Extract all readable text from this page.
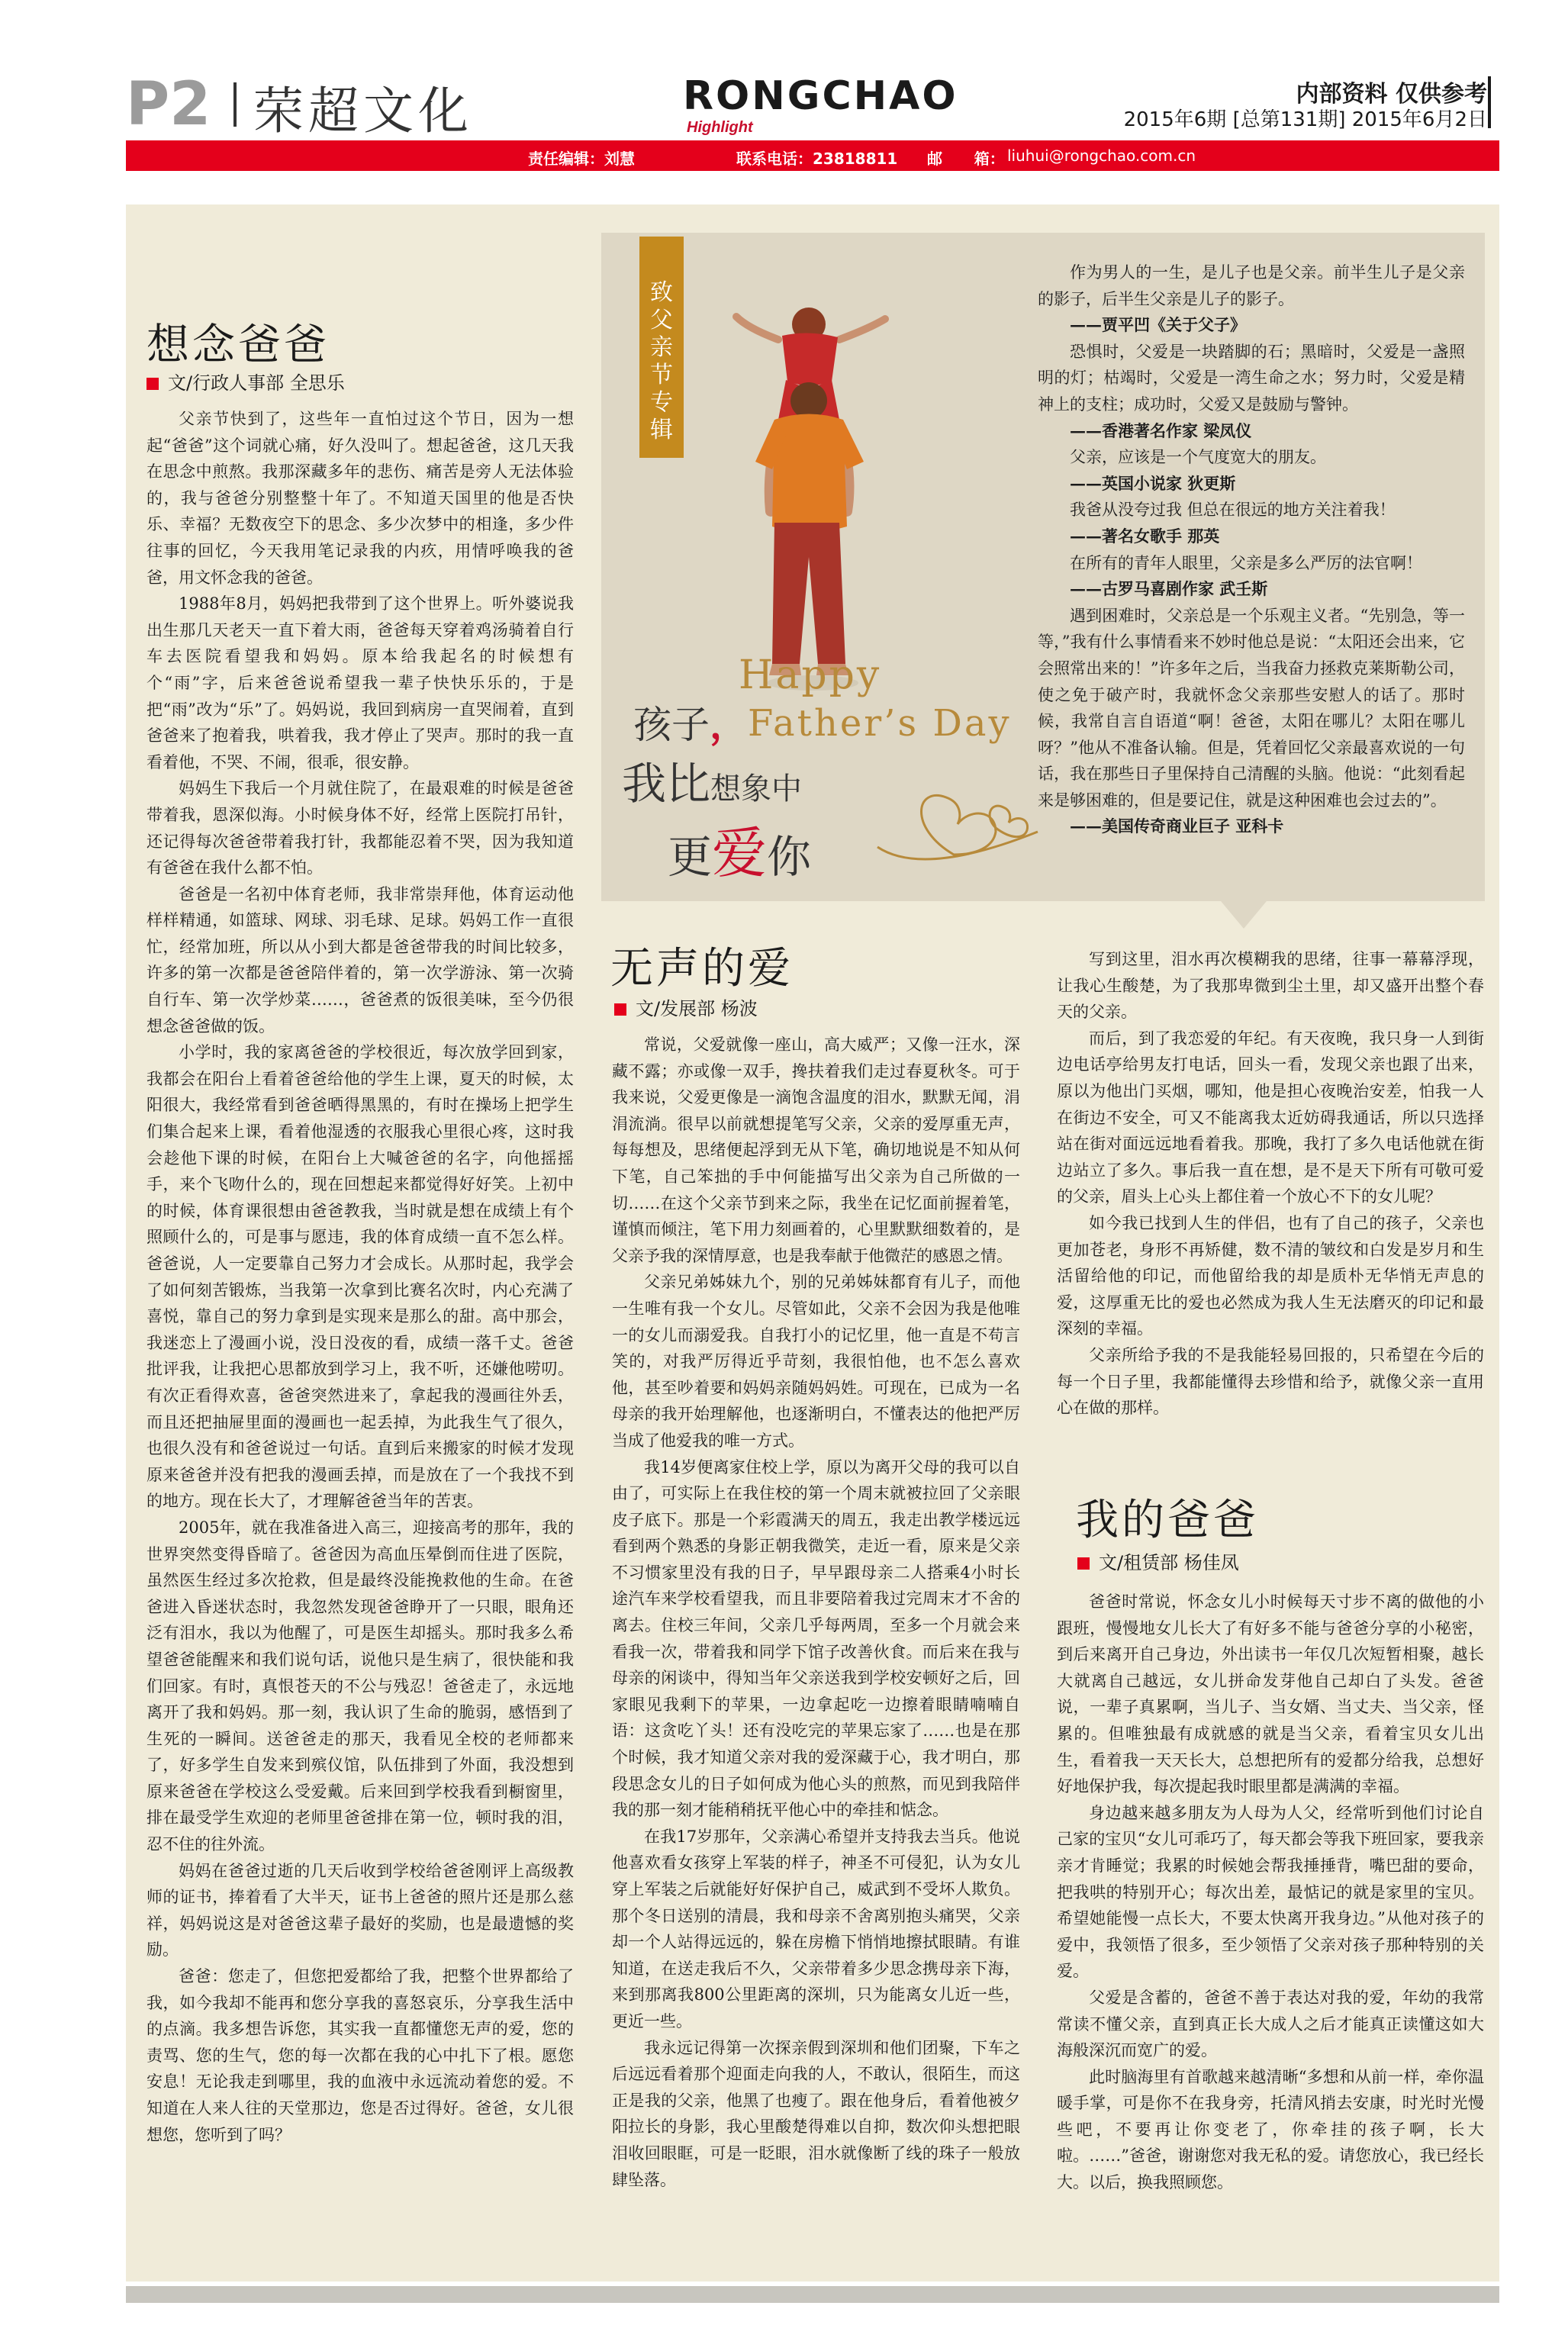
P2 荣超文化	RONGCHAO
Highlight
内部资料 仅供参考
2015年6期 [总第131期] 2015年6月2日
责任编辑：刘慧	联系电话：23818811 邮      箱： liuhui@rongchao.com.cn
致父亲节专辑
Happy
Father’s Day
孩子，
我比想象中
更爱你

作为男人的一生，是儿子也是父亲。前半生儿子是父亲的影子，后半生父亲是儿子的影子。

——贾平凹《关于父子》

恐惧时，父爱是一块踏脚的石；黑暗时，父爱是一盏照明的灯；枯竭时，父爱是一湾生命之水；努力时，父爱是精神上的支柱；成功时，父爱又是鼓励与警钟。

——香港著名作家 梁凤仪

父亲，应该是一个气度宽大的朋友。

——英国小说家 狄更斯

我爸从没夸过我 但总在很远的地方关注着我！

——著名女歌手 那英

在所有的青年人眼里，父亲是多么严厉的法官啊！

——古罗马喜剧作家 武壬斯

遇到困难时，父亲总是一个乐观主义者。“先别急，等一等，”我有什么事情看来不妙时他总是说：“太阳还会出来，它会照常出来的！”许多年之后，当我奋力拯救克莱斯勒公司，使之免于破产时，我就怀念父亲那些安慰人的话了。那时候，我常自言自语道“啊！爸爸，太阳在哪儿？太阳在哪儿呀？”他从不准备认输。但是，凭着回忆父亲最喜欢说的一句话，我在那些日子里保持自己清醒的头脑。他说：“此刻看起来是够困难的，但是要记住，就是这种困难也会过去的”。

——美国传奇商业巨子 亚科卡

想念爸爸
文/行政人事部 全思乐

父亲节快到了，这些年一直怕过这个节日，因为一想起“爸爸”这个词就心痛，好久没叫了。想起爸爸，这几天我在思念中煎熬。我那深藏多年的悲伤、痛苦是旁人无法体验的，我与爸爸分别整整十年了。不知道天国里的他是否快乐、幸福？无数夜空下的思念、多少次梦中的相逢，多少件往事的回忆，今天我用笔记录我的内疚，用情呼唤我的爸爸，用文怀念我的爸爸。

1988年8月，妈妈把我带到了这个世界上。听外婆说我出生那几天老天一直下着大雨，爸爸每天穿着鸡汤骑着自行车去医院看望我和妈妈。原本给我起名的时候想有个“雨”字，后来爸爸说希望我一辈子快快乐乐的，于是把“雨”改为“乐”了。妈妈说，我回到病房一直哭闹着，直到爸爸来了抱着我，哄着我，我才停止了哭声。那时的我一直看着他，不哭、不闹，很乖，很安静。

妈妈生下我后一个月就住院了，在最艰难的时候是爸爸带着我，恩深似海。小时候身体不好，经常上医院打吊针，还记得每次爸爸带着我打针，我都能忍着不哭，因为我知道有爸爸在我什么都不怕。

爸爸是一名初中体育老师，我非常崇拜他，体育运动他样样精通，如篮球、网球、羽毛球、足球。妈妈工作一直很忙，经常加班，所以从小到大都是爸爸带我的时间比较多，许多的第一次都是爸爸陪伴着的，第一次学游泳、第一次骑自行车、第一次学炒菜……，爸爸煮的饭很美味，至今仍很想念爸爸做的饭。

小学时，我的家离爸爸的学校很近，每次放学回到家，我都会在阳台上看着爸爸给他的学生上课，夏天的时候，太阳很大，我经常看到爸爸晒得黑黑的，有时在操场上把学生们集合起来上课，看着他湿透的衣服我心里很心疼，这时我会趁他下课的时候，在阳台上大喊爸爸的名字，向他摇摇手，来个飞吻什么的，现在回想起来都觉得好好笑。上初中的时候，体育课很想由爸爸教我，当时就是想在成绩上有个照顾什么的，可是事与愿违，我的体育成绩一直不怎么样。爸爸说，人一定要靠自己努力才会成长。从那时起，我学会了如何刻苦锻炼，当我第一次拿到比赛名次时，内心充满了喜悦，靠自己的努力拿到是实现来是那么的甜。高中那会，我迷恋上了漫画小说，没日没夜的看，成绩一落千丈。爸爸批评我，让我把心思都放到学习上，我不听，还嫌他唠叨。有次正看得欢喜，爸爸突然进来了，拿起我的漫画往外丢，而且还把抽屉里面的漫画也一起丢掉，为此我生气了很久，也很久没有和爸爸说过一句话。直到后来搬家的时候才发现原来爸爸并没有把我的漫画丢掉，而是放在了一个我找不到的地方。现在长大了，才理解爸爸当年的苦衷。

2005年，就在我准备进入高三，迎接高考的那年，我的世界突然变得昏暗了。爸爸因为高血压晕倒而住进了医院，虽然医生经过多次抢救，但是最终没能挽救他的生命。在爸爸进入昏迷状态时，我忽然发现爸爸睁开了一只眼，眼角还泛有泪水，我以为他醒了，可是医生却摇头。那时我多么希望爸爸能醒来和我们说句话，说他只是生病了，很快能和我们回家。有时，真恨苍天的不公与残忍！爸爸走了，永远地离开了我和妈妈。那一刻，我认识了生命的脆弱，感悟到了生死的一瞬间。送爸爸走的那天，我看见全校的老师都来了，好多学生自发来到殡仪馆，队伍排到了外面，我没想到原来爸爸在学校这么受爱戴。后来回到学校我看到橱窗里，排在最受学生欢迎的老师里爸爸排在第一位，顿时我的泪，忍不住的往外流。

妈妈在爸爸过逝的几天后收到学校给爸爸刚评上高级教师的证书，捧着看了大半天，证书上爸爸的照片还是那么慈祥，妈妈说这是对爸爸这辈子最好的奖励，也是最遗憾的奖励。

爸爸：您走了，但您把爱都给了我，把整个世界都给了我，如今我却不能再和您分享我的喜怒哀乐，分享我生活中的点滴。我多想告诉您，其实我一直都懂您无声的爱，您的责骂、您的生气，您的每一次都在我的心中扎下了根。愿您安息！无论我走到哪里，我的血液中永远流动着您的爱。不知道在人来人往的天堂那边，您是否过得好。爸爸，女儿很想您，您听到了吗？

无声的爱
文/发展部 杨波

常说，父爱就像一座山，高大威严；又像一汪水，深藏不露；亦或像一双手，搀扶着我们走过春夏秋冬。可于我来说，父爱更像是一滴饱含温度的泪水，默默无闻，涓涓流淌。很早以前就想提笔写父亲，父亲的爱厚重无声，每每想及，思绪便起浮到无从下笔，确切地说是不知从何下笔，自己笨拙的手中何能描写出父亲为自己所做的一切……在这个父亲节到来之际，我坐在记忆面前握着笔，谨慎而倾注，笔下用力刻画着的，心里默默细数着的，是父亲予我的深情厚意，也是我奉献于他微茫的感恩之情。

父亲兄弟姊妹九个，别的兄弟姊妹都育有儿子，而他一生唯有我一个女儿。尽管如此，父亲不会因为我是他唯一的女儿而溺爱我。自我打小的记忆里，他一直是不苟言笑的，对我严厉得近乎苛刻，我很怕他，也不怎么喜欢他，甚至吵着要和妈妈亲随妈妈姓。可现在，已成为一名母亲的我开始理解他，也逐渐明白，不懂表达的他把严厉当成了他爱我的唯一方式。

我14岁便离家住校上学，原以为离开父母的我可以自由了，可实际上在我住校的第一个周末就被拉回了父亲眼皮子底下。那是一个彩霞满天的周五，我走出教学楼远远看到两个熟悉的身影正朝我微笑，走近一看，原来是父亲不习惯家里没有我的日子，早早跟母亲二人搭乘4小时长途汽车来学校看望我，而且非要陪着我过完周末才不舍的离去。住校三年间，父亲几乎每两周，至多一个月就会来看我一次，带着我和同学下馆子改善伙食。而后来在我与母亲的闲谈中，得知当年父亲送我到学校安顿好之后，回家眼见我剩下的苹果，一边拿起吃一边擦着眼睛喃喃自语：这贪吃丫头！还有没吃完的苹果忘家了……也是在那个时候，我才知道父亲对我的爱深藏于心，我才明白，那段思念女儿的日子如何成为他心头的煎熬，而见到我陪伴我的那一刻才能稍稍抚平他心中的牵挂和惦念。

在我17岁那年，父亲满心希望并支持我去当兵。他说他喜欢看女孩穿上军装的样子，神圣不可侵犯，认为女儿穿上军装之后就能好好保护自己，威武到不受坏人欺负。那个冬日送别的清晨，我和母亲不舍离别抱头痛哭，父亲却一个人站得远远的，躲在房檐下悄悄地擦拭眼睛。有谁知道，在送走我后不久，父亲带着多少思念携母亲下海，来到那离我800公里距离的深圳，只为能离女儿近一些，更近一些。

我永远记得第一次探亲假到深圳和他们团聚，下车之后远远看着那个迎面走向我的人，不敢认，很陌生，而这正是我的父亲，他黑了也瘦了。跟在他身后，看着他被夕阳拉长的身影，我心里酸楚得难以自抑，数次仰头想把眼泪收回眼眶，可是一眨眼，泪水就像断了线的珠子一般放肆坠落。

写到这里，泪水再次模糊我的思绪，往事一幕幕浮现，让我心生酸楚，为了我那卑微到尘土里，却又盛开出整个春天的父亲。

而后，到了我恋爱的年纪。有天夜晚，我只身一人到街边电话亭给男友打电话，回头一看，发现父亲也跟了出来，原以为他出门买烟，哪知，他是担心夜晚治安差，怕我一人在街边不安全，可又不能离我太近妨碍我通话，所以只选择站在街对面远远地看着我。那晚，我打了多久电话他就在街边站立了多久。事后我一直在想，是不是天下所有可敬可爱的父亲，眉头上心头上都住着一个放心不下的女儿呢？

如今我已找到人生的伴侣，也有了自己的孩子，父亲也更加苍老，身形不再矫健，数不清的皱纹和白发是岁月和生活留给他的印记，而他留给我的却是质朴无华悄无声息的爱，这厚重无比的爱也必然成为我人生无法磨灭的印记和最深刻的幸福。

父亲所给予我的不是我能轻易回报的，只希望在今后的每一个日子里，我都能懂得去珍惜和给予，就像父亲一直用心在做的那样。

我的爸爸
文/租赁部 杨佳凤

爸爸时常说，怀念女儿小时候每天寸步不离的做他的小跟班，慢慢地女儿长大了有好多不能与爸爸分享的小秘密，到后来离开自己身边，外出读书一年仅几次短暂相聚，越长大就离自己越远，女儿拼命发芽他自己却白了头发。爸爸说，一辈子真累啊，当儿子、当女婿、当丈夫、当父亲，怪累的。但唯独最有成就感的就是当父亲，看着宝贝女儿出生，看着我一天天长大，总想把所有的爱都分给我，总想好好地保护我，每次提起我时眼里都是满满的幸福。

身边越来越多朋友为人母为人父，经常听到他们讨论自己家的宝贝“女儿可乖巧了，每天都会等我下班回家，要我亲亲才肯睡觉；我累的时候她会帮我捶捶背，嘴巴甜的要命，把我哄的特别开心；每次出差，最惦记的就是家里的宝贝。希望她能慢一点长大，不要太快离开我身边。”从他对孩子的爱中，我领悟了很多，至少领悟了父亲对孩子那种特别的关爱。

父爱是含蓄的，爸爸不善于表达对我的爱，年幼的我常常读不懂父亲，直到真正长大成人之后才能真正读懂这如大海般深沉而宽广的爱。

此时脑海里有首歌越来越清晰“多想和从前一样，牵你温暖手掌，可是你不在我身旁，托清风捎去安康，时光时光慢些吧，不要再让你变老了，你牵挂的孩子啊，长大啦。……”爸爸，谢谢您对我无私的爱。请您放心，我已经长大。以后，换我照顾您。
